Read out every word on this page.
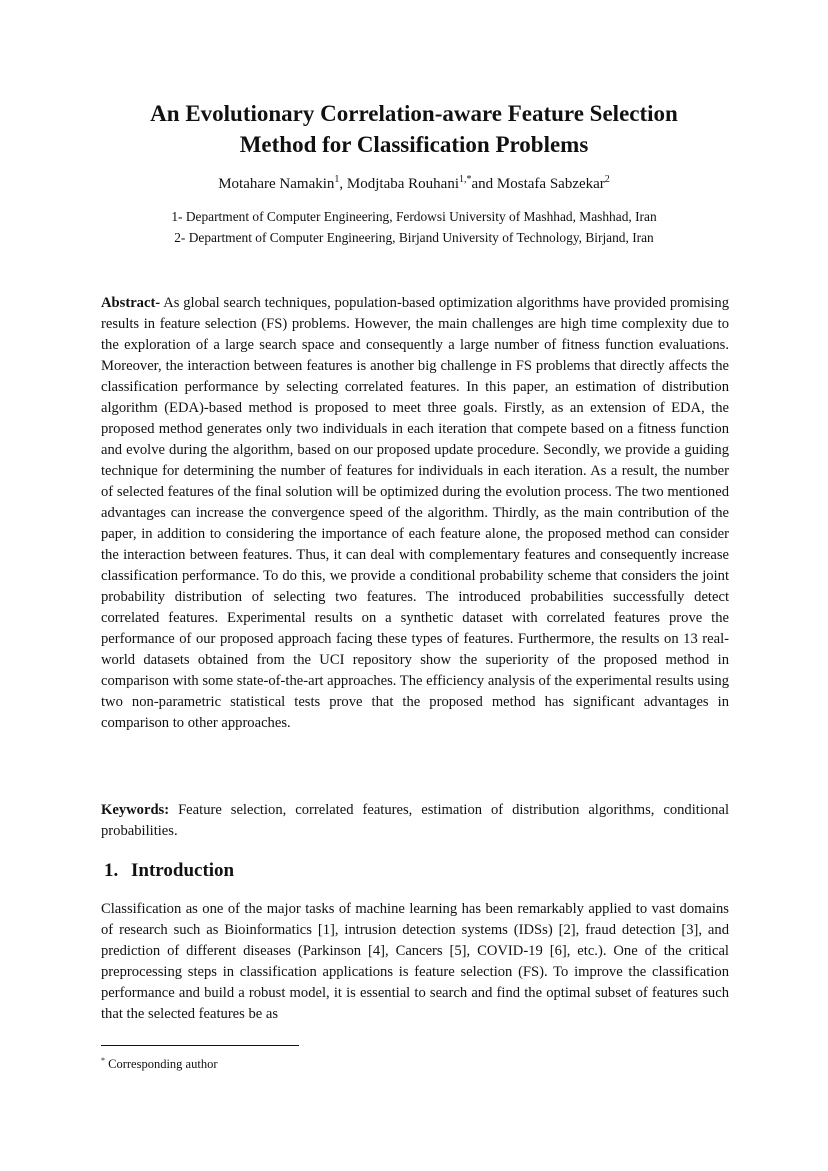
An Evolutionary Correlation-aware Feature Selection
Method for Classification Problems
Motahare Namakin$^1$, Modjtaba Rouhani$^{1,*}$and Mostafa Sabzekar$^2$
1- Department of Computer Engineering, Ferdowsi University of Mashhad, Mashhad, Iran
2- Department of Computer Engineering, Birjand University of Technology, Birjand, Iran
Abstract- As global search techniques, population-based optimization algorithms have provided promising results in feature selection (FS) problems. However, the main challenges are high time complexity due to the exploration of a large search space and consequently a large number of fitness function evaluations. Moreover, the interaction between features is another big challenge in FS problems that directly affects the classification performance by selecting correlated features. In this paper, an estimation of distribution algorithm (EDA)-based method is proposed to meet three goals. Firstly, as an extension of EDA, the proposed method generates only two individuals in each iteration that compete based on a fitness function and evolve during the algorithm, based on our proposed update procedure. Secondly, we provide a guiding technique for determining the number of features for individuals in each iteration. As a result, the number of selected features of the final solution will be optimized during the evolution process. The two mentioned advantages can increase the convergence speed of the algorithm. Thirdly, as the main contribution of the paper, in addition to considering the importance of each feature alone, the proposed method can consider the interaction between features. Thus, it can deal with complementary features and consequently increase classification performance. To do this, we provide a conditional probability scheme that considers the joint probability distribution of selecting two features. The introduced probabilities successfully detect correlated features. Experimental results on a synthetic dataset with correlated features prove the performance of our proposed approach facing these types of features. Furthermore, the results on 13 real-world datasets obtained from the UCI repository show the superiority of the proposed method in comparison with some state-of-the-art approaches. The efficiency analysis of the experimental results using two non-parametric statistical tests prove that the proposed method has significant advantages in comparison to other approaches.
Keywords: Feature selection, correlated features, estimation of distribution algorithms, conditional probabilities.
1. Introduction
Classification as one of the major tasks of machine learning has been remarkably applied to vast domains of research such as Bioinformatics [1], intrusion detection systems (IDSs) [2], fraud detection [3], and prediction of different diseases (Parkinson [4], Cancers [5], COVID-19 [6], etc.). One of the critical preprocessing steps in classification applications is feature selection (FS). To improve the classification performance and build a robust model, it is essential to search and find the optimal subset of features such that the selected features be as
* Corresponding author
